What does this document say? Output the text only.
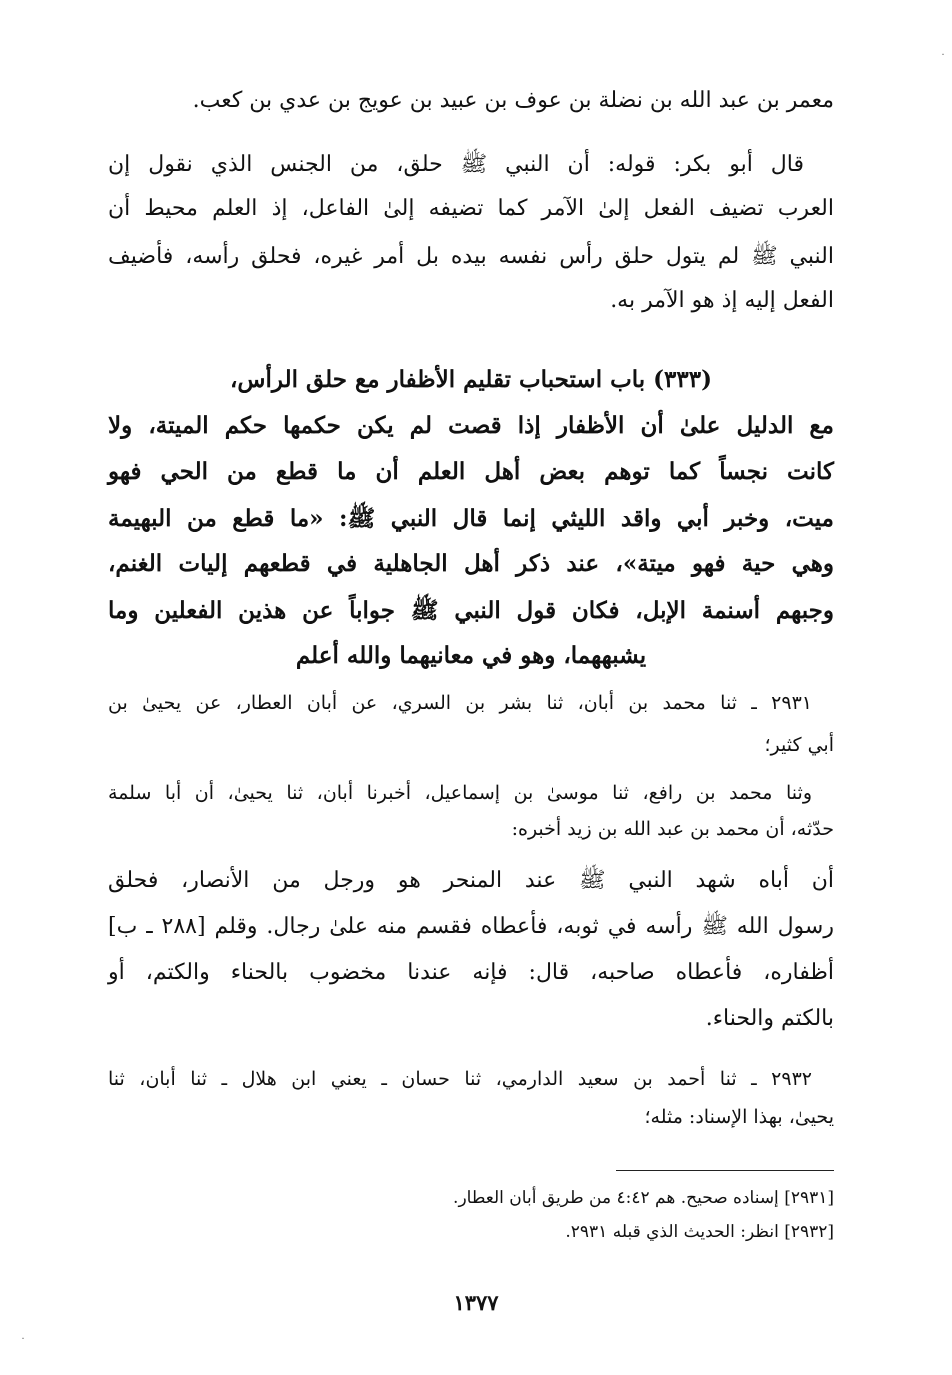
معمر بن عبد الله بن نضلة بن عوف بن عبيد بن عويج بن عدي بن كعب.
قال أبو بكر: قوله: أن النبي ﷺ حلق، من الجنس الذي نقول إن
العرب تضيف الفعل إلىٰ الآمر كما تضيفه إلىٰ الفاعل، إذ العلم محيط أن
النبي ﷺ لم يتول حلق رأس نفسه بيده بل أمر غيره، فحلق رأسه، فأضيف
الفعل إليه إذ هو الآمر به.
(٣٣٣) باب استحباب تقليم الأظفار مع حلق الرأس،
مع الدليل علىٰ أن الأظفار إذا قصت لم يكن حكمها حكم الميتة، ولا
كانت نجساً كما توهم بعض أهل العلم أن ما قطع من الحي فهو
ميت، وخبر أبي واقد الليثي إنما قال النبي ﷺ: «ما قطع من البهيمة
وهي حية فهو ميتة»، عند ذكر أهل الجاهلية في قطعهم إليات الغنم،
وجبهم أسنمة الإبل، فكان قول النبي ﷺ جواباً عن هذين الفعلين وما
يشبههما، وهو في معانيهما والله أعلم
٢٩٣١ ـ ثنا محمد بن أبان، ثنا بشر بن السري، عن أبان العطار، عن يحيىٰ بن
أبي كثير؛
وثنا محمد بن رافع، ثنا موسىٰ بن إسماعيل، أخبرنا أبان، ثنا يحيىٰ، أن أبا سلمة
حدّثه، أن محمد بن عبد الله بن زيد أخبره:
أن أباه شهد النبي ﷺ عند المنحر هو ورجل من الأنصار، فحلق
رسول الله ﷺ رأسه في ثوبه، فأعطاه فقسم منه علىٰ رجال. وقلم [٢٨٨ ـ ب]
أظفاره، فأعطاه صاحبه، قال: فإنه عندنا مخضوب بالحناء والكتم، أو
بالكتم والحناء.
٢٩٣٢ ـ ثنا أحمد بن سعيد الدارمي، ثنا حسان ـ يعني ابن هلال ـ ثنا أبان، ثنا
يحيىٰ، بهذا الإسناد: مثله؛
[٢٩٣١] إسناده صحيح. هم ٤:٤٢ من طريق أبان العطار.
[٢٩٣٢] انظر: الحديث الذي قبله ٢٩٣١.
١٣٧٧
˙
˙
